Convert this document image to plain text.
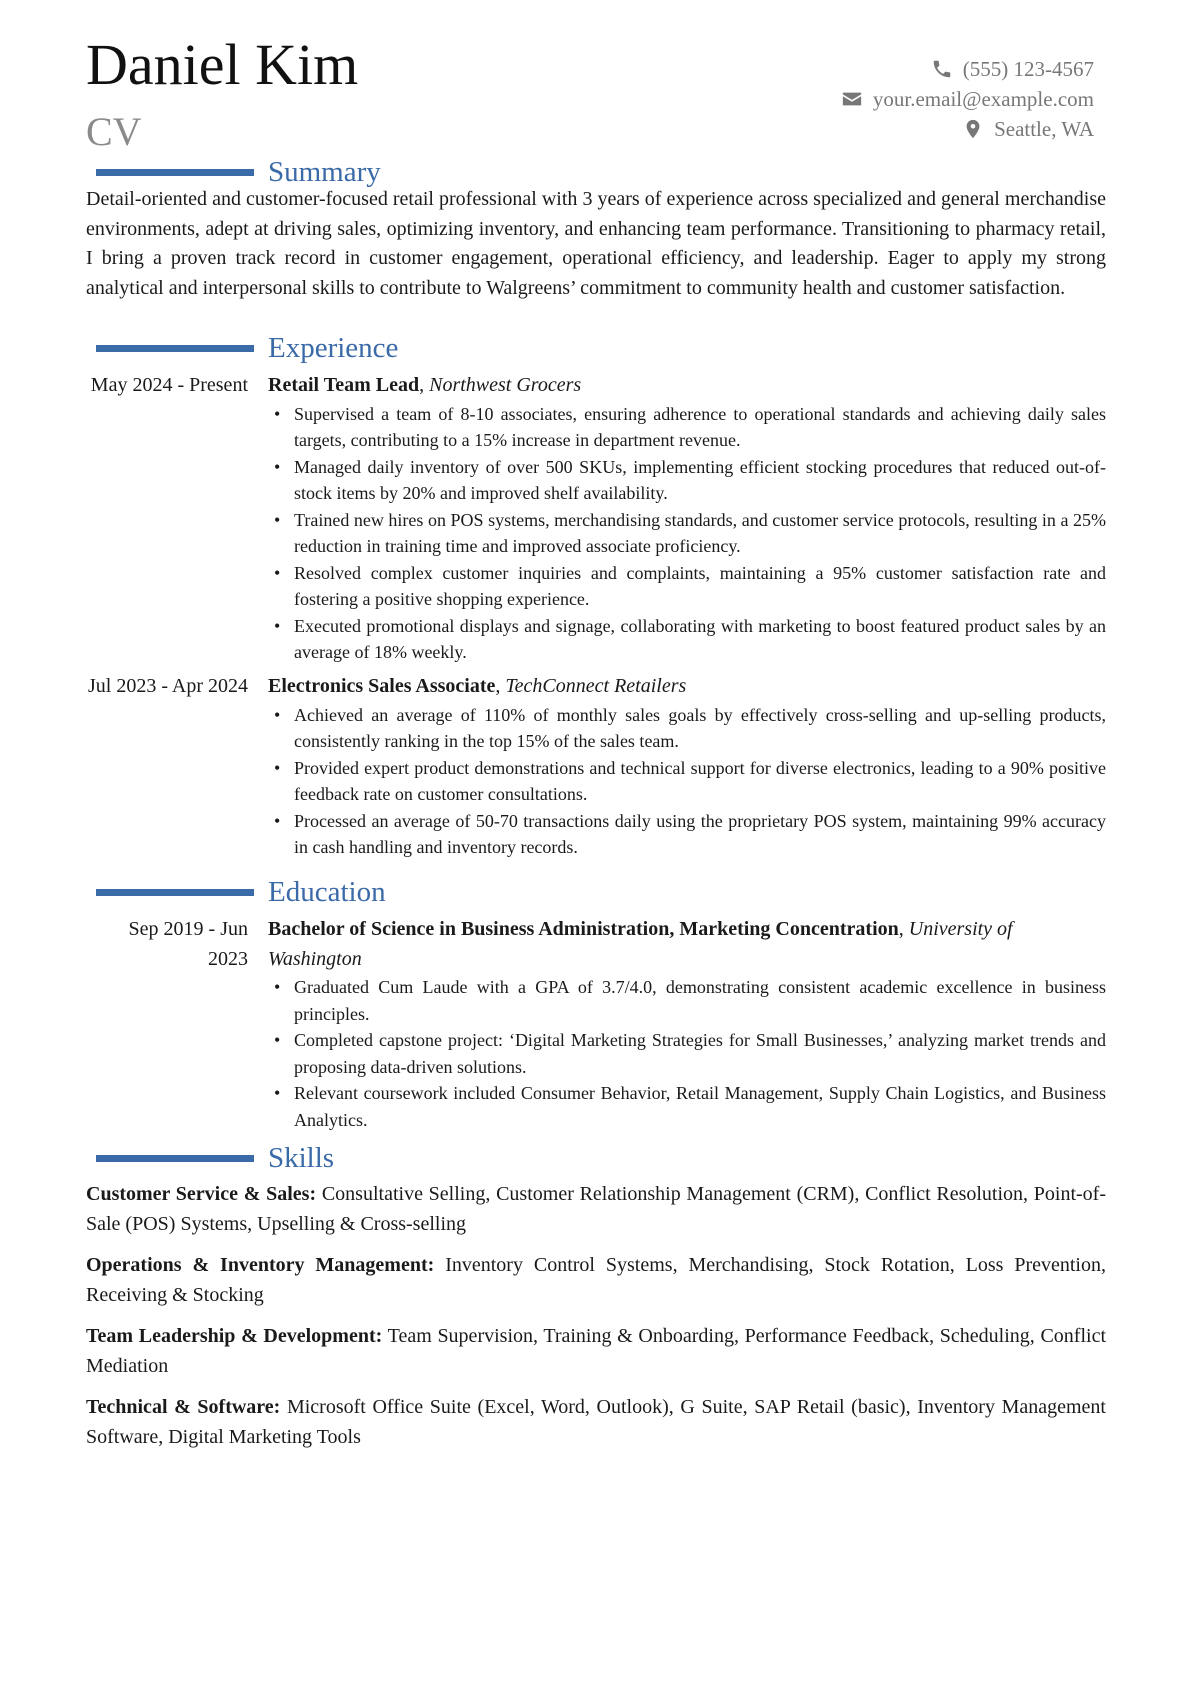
Daniel Kim
CV
(555) 123-4567
your.email@example.com
Seattle, WA
Summary
Detail-oriented and customer-focused retail professional with 3 years of experience across specialized and general merchandise environments, adept at driving sales, optimizing inventory, and enhancing team performance. Transitioning to pharmacy retail, I bring a proven track record in customer engagement, operational efficiency, and leadership. Eager to apply my strong analytical and interpersonal skills to contribute to Walgreens’ commitment to community health and customer satisfaction.
Experience
May 2024 - Present Retail Team Lead, Northwest Grocers
• Supervised a team of 8-10 associates, ensuring adherence to operational standards and achieving daily sales targets, contributing to a 15% increase in department revenue.
• Managed daily inventory of over 500 SKUs, implementing efficient stocking procedures that reduced out-of-stock items by 20% and improved shelf availability.
• Trained new hires on POS systems, merchandising standards, and customer service protocols, resulting in a 25% reduction in training time and improved associate proficiency.
• Resolved complex customer inquiries and complaints, maintaining a 95% customer satisfaction rate and fostering a positive shopping experience.
• Executed promotional displays and signage, collaborating with marketing to boost featured product sales by an average of 18% weekly.
Jul 2023 - Apr 2024 Electronics Sales Associate, TechConnect Retailers
• Achieved an average of 110% of monthly sales goals by effectively cross-selling and up-selling products, consistently ranking in the top 15% of the sales team.
• Provided expert product demonstrations and technical support for diverse electronics, leading to a 90% positive feedback rate on customer consultations.
• Processed an average of 50-70 transactions daily using the proprietary POS system, maintaining 99% accuracy in cash handling and inventory records.
Education
Sep 2019 - Jun 2023
Bachelor of Science in Business Administration, Marketing Concentration, University of Washington
• Graduated Cum Laude with a GPA of 3.7/4.0, demonstrating consistent academic excellence in business principles.
• Completed capstone project: ‘Digital Marketing Strategies for Small Businesses,’ analyzing market trends and proposing data-driven solutions.
• Relevant coursework included Consumer Behavior, Retail Management, Supply Chain Logistics, and Business Analytics.
Skills
Customer Service & Sales: Consultative Selling, Customer Relationship Management (CRM), Conflict Resolution, Point-of-Sale (POS) Systems, Upselling & Cross-selling
Operations & Inventory Management: Inventory Control Systems, Merchandising, Stock Rotation, Loss Prevention, Receiving & Stocking
Team Leadership & Development: Team Supervision, Training & Onboarding, Performance Feedback, Scheduling, Conflict Mediation
Technical & Software: Microsoft Office Suite (Excel, Word, Outlook), G Suite, SAP Retail (basic), Inventory Management Software, Digital Marketing Tools
